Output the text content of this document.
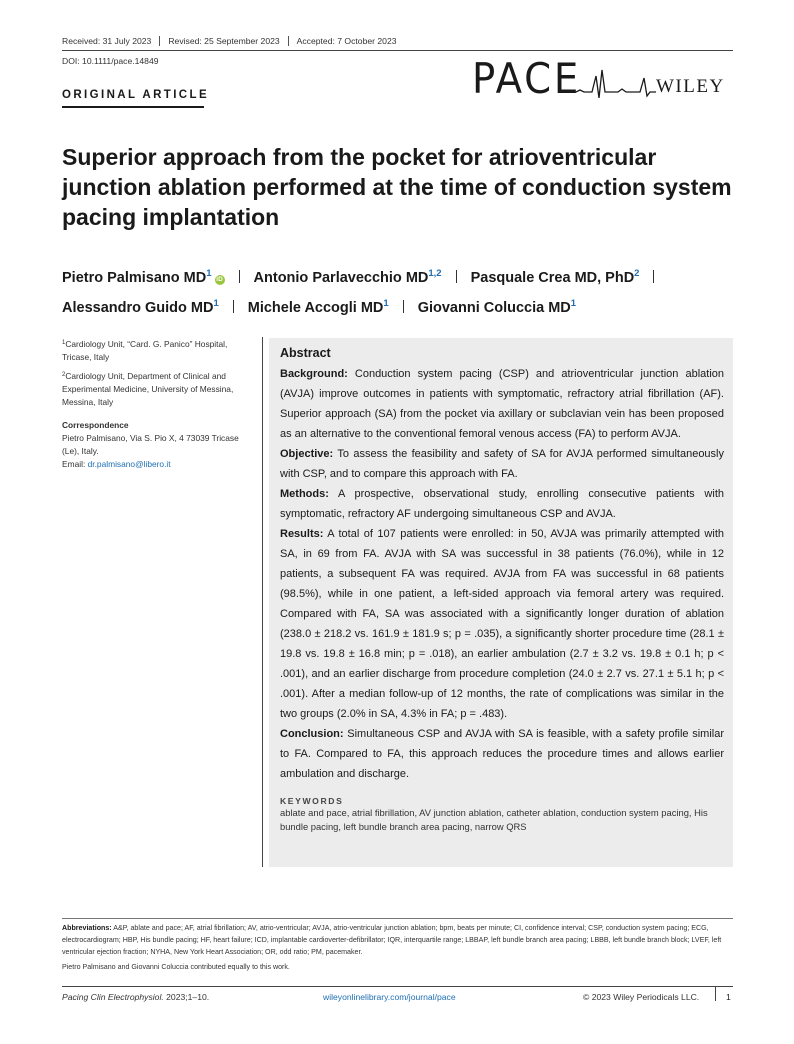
Received: 31 July 2023	Revised: 25 September 2023	Accepted: 7 October 2023
DOI: 10.1111/pace.14849	PACE	WILEY
ORIGINAL ARTICLE
Superior approach from the pocket for atrioventricular junction ablation performed at the time of conduction system pacing implantation
Pietro Palmisano $MD^1iD$ Antonio Parlavecchio MD$^{1,2}$ Pasquale Crea MD, PhD$^2$
Alessandro Guido $MD^1$ Michele Accogli $MD^1$ Giovanni Coluccia $MD^1$

$^1$Cardiology Unit, “Card. G. Panico” Hospital, Tricase, Italy

$^2$Cardiology Unit, Department of Clinical and Experimental Medicine, University of Messina, Messina, Italy

Correspondence

Pietro Palmisano, Via S. Pio X, 4 73039 Tricase (Le), Italy.

Email: dr.palmisano@libero.it

Abstract

Background: Conduction system pacing (CSP) and atrioventricular junction ablation (AVJA) improve outcomes in patients with symptomatic, refractory atrial fibrillation (AF). Superior approach (SA) from the pocket via axillary or subclavian vein has been proposed as an alternative to the conventional femoral venous access (FA) to perform AVJA.

Objective: To assess the feasibility and safety of SA for AVJA performed simultaneously with CSP, and to compare this approach with FA.

Methods: A prospective, observational study, enrolling consecutive patients with symptomatic, refractory AF undergoing simultaneous CSP and AVJA.

Results: A total of 107 patients were enrolled: in 50, AVJA was primarily attempted with SA, in 69 from FA. AVJA with SA was successful in 38 patients (76.0%), while in 12 patients, a subsequent FA was required. AVJA from FA was successful in 68 patients (98.5%), while in one patient, a left-sided approach via femoral artery was required. Compared with FA, SA was associated with a significantly longer duration of ablation (238.0 ± 218.2 vs. 161.9 ± 181.9 s; p = .035), a significantly shorter procedure time (28.1 ± 19.8 vs. 19.8 ± 16.8 min; p = .018), an earlier ambulation (2.7 ± 3.2 vs. 19.8 ± 0.1 h; p < .001), and an earlier discharge from procedure completion (24.0 ± 2.7 vs. 27.1 ± 5.1 h; p < .001). After a median follow-up of 12 months, the rate of complications was similar in the two groups (2.0% in SA, 4.3% in FA; p = .483).

Conclusion: Simultaneous CSP and AVJA with SA is feasible, with a safety profile similar to FA. Compared to FA, this approach reduces the procedure times and allows earlier ambulation and discharge.

KEYWORDS
ablate and pace, atrial fibrillation, AV junction ablation, catheter ablation, conduction system pacing, His bundle pacing, left bundle branch area pacing, narrow QRS
Abbreviations: A&P, ablate and pace; AF, atrial fibrillation; AV, atrio-ventricular; AVJA, atrio-ventricular junction ablation; bpm, beats per minute; CI, confidence interval; CSP, conduction system pacing; ECG, electrocardiogram; HBP, His bundle pacing; HF, heart failure; ICD, implantable cardioverter-defibrillator; IQR, interquartile range; LBBAP, left bundle branch area pacing; LBBB, left bundle branch block; LVEF, left ventricular ejection fraction; NYHA, New York Heart Association; OR, odd ratio; PM, pacemaker.
Pietro Palmisano and Giovanni Coluccia contributed equally to this work.
Pacing Clin Electrophysiol. 2023;1–10.	wileyonlinelibrary.com/journal/pace	© 2023 Wiley Periodicals LLC.	1
